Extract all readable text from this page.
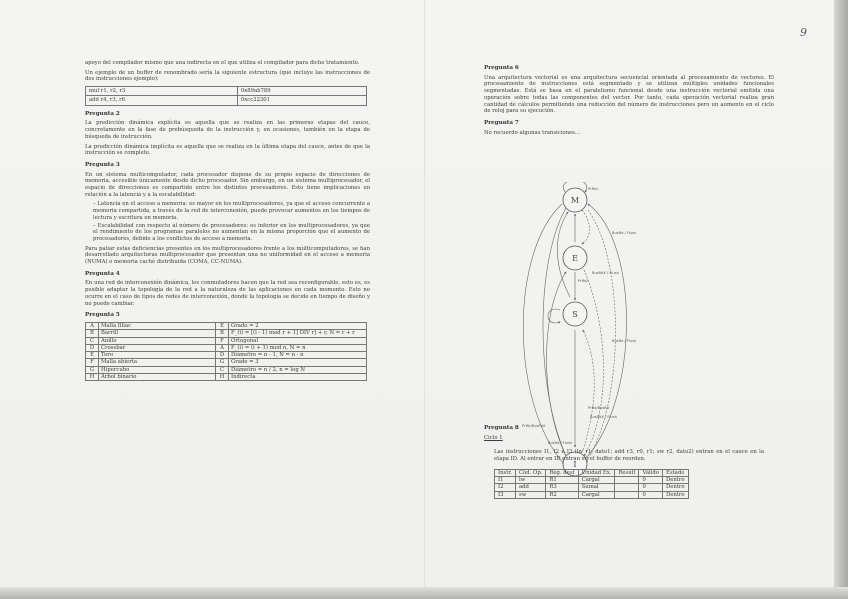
9

apoyo del compilador mismo que una indirecta en el que utiliza el compilador para dicho tratamiento.

Un ejemplo de un buffer de renombrado sería la siguiente estructura (que incluye las instrucciones de dos instrucciones ejemplo):

mul r1, r2, r3	0x89ab789
add r4, r3, r6	0xcc22301
Pregunta 2

La predicción dinámica explícita es aquella que se realiza en las primeras etapas del cauce, concretamente en la fase de prebúsqueda de la instrucción y, en ocasiones, también en la etapa de búsqueda de instrucción.

La predicción dinámica implícita es aquella que se realiza en la última etapa del cauce, antes de que la instrucción se complete.

Pregunta 3

En un sistema multicomputador, cada procesador dispone de su propio espacio de direcciones de memoria, accesible únicamente desde dicho procesador. Sin embargo, en un sistema multiprocesador, el espacio de direcciones es compartido entre los distintos procesadores. Esto tiene implicaciones en relación a la latencia y a la escalabilidad:

– Latencia en el acceso a memoria: es mayor en los multiprocesadores, ya que el acceso concurrente a memoria compartida, a través de la red de interconexión, puede provocar aumentos en los tiempos de lectura y escritura en memoria.
– Escalabilidad con respecto al número de procesadores: es inferior en los multiprocesadores, ya que el rendimiento de los programas paralelos no aumentan en la misma proporción que el aumento de procesadores, debido a los conflictos de acceso a memoria.

Para paliar estas deficiencias presentes en los multiprocesadores frente a los multicomputadores, se han desarrollado arquitecturas multiprocesador que presentan una no uniformidad en el acceso a memoria (NUMA) o memoria caché distribuida (COMA, CC-NUMA).

Pregunta 4

En una red de interconexión dinámica, los conmutadores hacen que la red sea reconfigurable, esto es, es posible adaptar la topología de la red a la naturaleza de las aplicaciones en cada momento. Esto no ocurre en el caso de tipos de redes de interconexión, donde la topología se decide en tiempo de diseño y no puede cambiar.

Pregunta 5
A	Malla Illiac	E	Grado = 2
B	Barrill	B	F_(i) = [(i - 1) mod r + 1] DIV r] + r, N = r + r
C	Anillo	F	Ortogonal
D	Crossbar	A	F_(i) = (i + 1) mod n, N = n
E	Toro	D	Diámetro = n - 1, N = n · n
F	Malla abierta	G	Grado = 3
G	Hipercubo	C	Diámetro = n / 2, n = log N
H	Árbol binario	H	Indirecta
Pregunta 6

Una arquitectura vectorial es una arquitectura secuencial orientada al procesamiento de vectores. El procesamiento de instrucciones está segmentado y se utilizan múltiples unidades funcionales segmentadas. Está se basa en el paralelismo funcional desde una instrucción vectorial emitida una operación sobre todas las componentes del vector. Por tanto, cada operación vectorial realiza gran cantidad de cálculos permitiendo una reducción del número de instrucciones pero un aumento en el ciclo de reloj para su ejecución.

Pregunta 7

No recuerdo algunas transiciones…

M
E
S
I
PrRd/–
PrRd/–
BusRd / Flush
BusRd / Flush
PrWr/BusRdX
BusRdX / Flush
PrRd/BusRd
BusRdX / Flush
BusRd / Flush
Pregunta 8

Ciclo 1

Las instrucciones I1, I2 e I3 (lw r1, dato1; add r3, r0, r1; sw r2, dato2) entran en el cauce en la etapa ID. Al entrar en ID entran en el buffer de reorden.

Instr.	Cód. Op.	Reg. dest	Unidad Ex.	Result	Válido	Estado
I1	lw	R1	Cargal		0	Dentro
I2	add	R3	Sumal		0	Dentro
I3	sw	R2	Cargal		0	Dentro
